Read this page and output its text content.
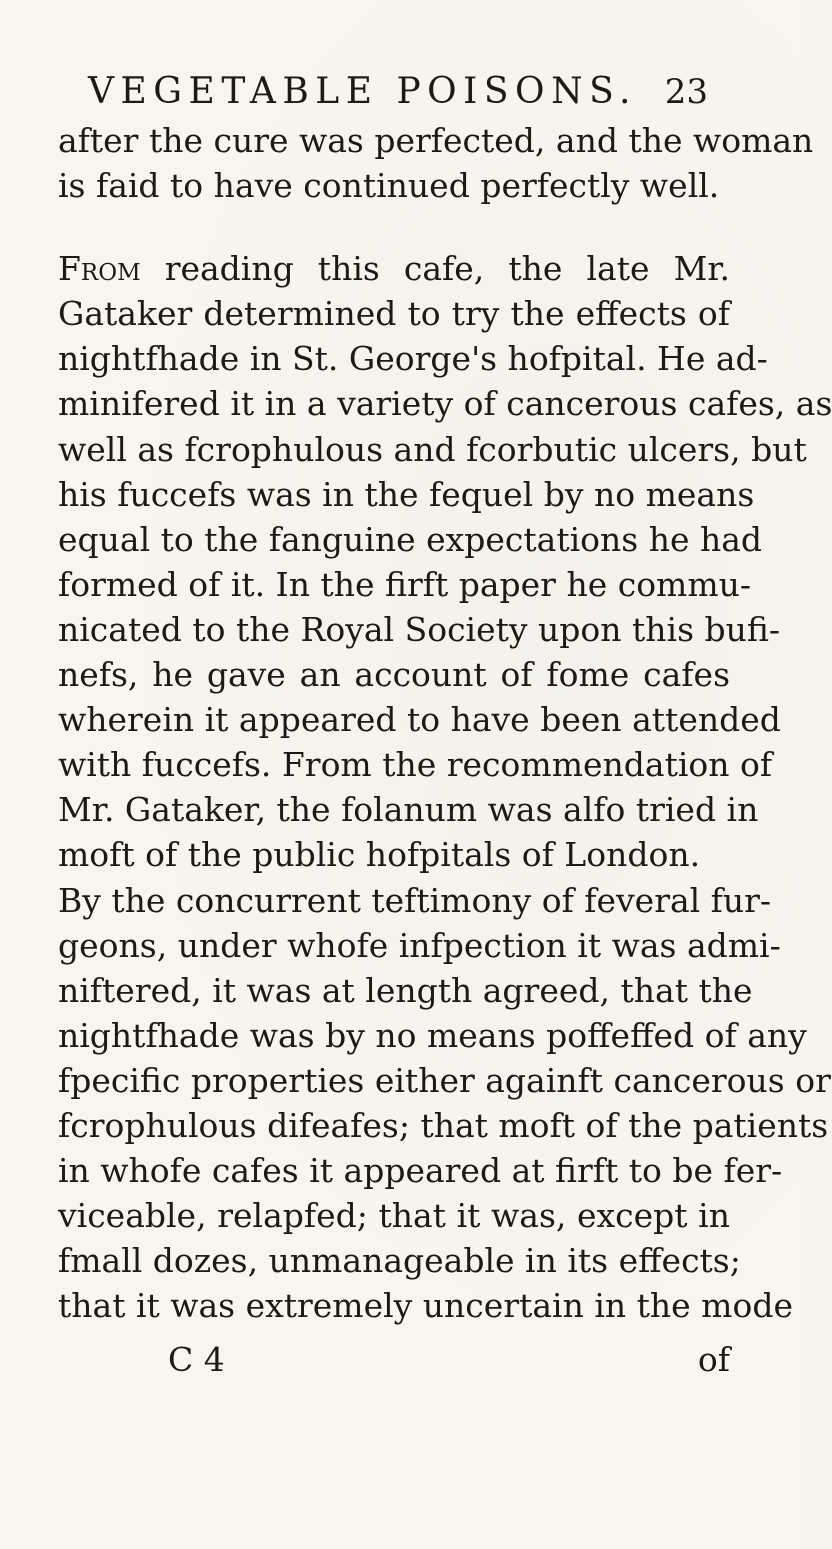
VEGETABLE POISONS. 23
after the cure was perfected, and the woman
is faid to have continued perfectly well.
From reading this cafe, the late Mr.
Gataker determined to try the effects of
nightfhade in St. George's hofpital. He ad-
minifered it in a variety of cancerous cafes, as
well as fcrophulous and fcorbutic ulcers, but
his fuccefs was in the fequel by no means
equal to the fanguine expectations he had
formed of it. In the firft paper he commu-
nicated to the Royal Society upon this bufi-
nefs, he gave an account of fome cafes
wherein it appeared to have been attended
with fuccefs. From the recommendation of
Mr. Gataker, the folanum was alfo tried in
moft of the public hofpitals of London.
By the concurrent teftimony of feveral fur-
geons, under whofe infpection it was admi-
niftered, it was at length agreed, that the
nightfhade was by no means poffeffed of any
fpecific properties either againft cancerous or
fcrophulous difeafes; that moft of the patients
in whofe cafes it appeared at firft to be fer-
viceable, relapfed; that it was, except in
fmall dozes, unmanageable in its effects;
that it was extremely uncertain in the mode
C 4	of
